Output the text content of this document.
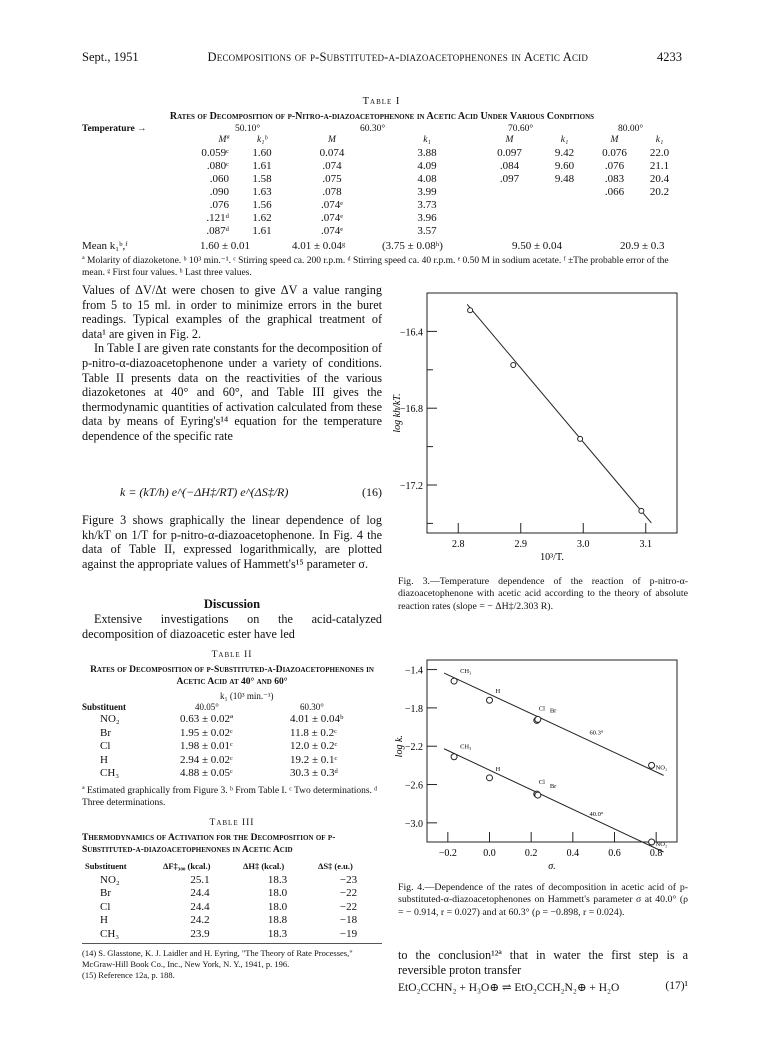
Sept., 1951	Decompositions of p-Substituted-α-diazoacetophenones in Acetic Acid	4233
Table I
Rates of Decomposition of p-Nitro-α-diazoacetophenone in Acetic Acid Under Various Conditions
Temperature →	50.10°	60.30°	70.60°	80.00°
Mª	k₁ᵇ	M	k₁	M	k₁	M	k₁
0.059ᶜ	1.60	0.074	3.88	0.097	9.42	0.076	22.0
.080ᶜ	1.61	.074	4.09	.084	9.60	.076	21.1
.060	1.58	.075	4.08	.097	9.48	.083	20.4
.090	1.63	.078	3.99			.066	20.2
.076	1.56	.074ᵉ	3.73				
.121ᵈ	1.62	.074ᵉ	3.96				
.087ᵈ	1.61	.074ᵉ	3.57				
Mean k₁ᵇ,ᶠ	1.60 ± 0.01	4.01 ± 0.04ᵍ	(3.75 ± 0.08ʰ)	9.50 ± 0.04	20.9 ± 0.3
ª Molarity of diazoketone. ᵇ 10³ min.⁻¹. ᶜ Stirring speed ca. 200 r.p.m. ᵈ Stirring speed ca. 40 r.p.m. ᵉ 0.50 M in sodium acetate. ᶠ ±The probable error of the mean. ᵍ First four values. ʰ Last three values.

Values of ΔV/Δt were chosen to give ΔV a value ranging from 5 to 15 ml. in order to minimize errors in the buret readings. Typical examples of the graphical treatment of data¹ are given in Fig. 2.

In Table I are given rate constants for the decomposition of p-nitro-α-diazoacetophenone under a variety of conditions. Table II presents data on the reactivities of the various diazoketones at 40° and 60°, and Table III gives the thermodynamic quantities of activation calculated from these data by means of Eyring's¹⁴ equation for the temperature dependence of the specific rate

k = (kT/h) e^(−ΔH‡/RT) e^(ΔS‡/R)	(16)

Figure 3 shows graphically the linear dependence of log kh/kT on 1/T for p-nitro-α-diazoacetophenone. In Fig. 4 the data of Table II, expressed logarithmically, are plotted against the appropriate values of Hammett's¹⁵ parameter σ.

Discussion

Extensive investigations on the acid-catalyzed decomposition of diazoacetic ester have led

Table II
Rates of Decomposition of p-Substituted-α-Diazoacetophenones in Acetic Acid at 40° and 60°
k₁ (10³ min.⁻¹)
Substituent	40.05°	60.30°
NO₂	0.63 ± 0.02ª	4.01 ± 0.04ᵇ
Br	1.95 ± 0.02ᶜ	11.8 ± 0.2ᶜ
Cl	1.98 ± 0.01ᶜ	12.0 ± 0.2ᶜ
H	2.94 ± 0.02ᶜ	19.2 ± 0.1ᶜ
CH₃	4.88 ± 0.05ᶜ	30.3 ± 0.3ᵈ
ª Estimated graphically from Figure 3. ᵇ From Table I. ᶜ Two determinations. ᵈ Three determinations.
Table III
Thermodynamics of Activation for the Decomposition of p-Substituted-α-diazoacetophenones in Acetic Acid
Substituent	ΔF‡₃₀₀ (kcal.)	ΔH‡ (kcal.)	ΔS‡ (e.u.)
NO₂	25.1	18.3	−23
Br	24.4	18.0	−22
Cl	24.4	18.0	−22
H	24.2	18.8	−18
CH₃	23.9	18.3	−19
(14) S. Glasstone, K. J. Laidler and H. Eyring, "The Theory of Rate Processes," McGraw-Hill Book Co., Inc., New York, N. Y., 1941, p. 196.
(15) Reference 12a, p. 188.
2.8	2.9	3.0	3.1
−16.4
−16.8
−17.2
10³/T.
log kh/kT.
Fig. 3.—Temperature dependence of the reaction of p-nitro-α-diazoacetophenone with acetic acid according to the theory of absolute reaction rates (slope = − ΔH‡/2.303 R).
−0.2	0.0	0.2	0.4	0.6	0.8
−1.4
−1.8
−2.2
−2.6
−3.0
CH₃
H
Cl Br
NO₂
60.3°
CH₃
H
Cl
Br
NO₂
40.0°
σ.
log k.
Fig. 4.—Dependence of the rates of decomposition in acetic acid of p-substituted-α-diazoacetophenones on Hammett's parameter σ at 40.0° (ρ = − 0.914, r = 0.027) and at 60.3° (ρ = −0.898, r = 0.024).

to the conclusion¹²ª that in water the first step is a reversible proton transfer

EtO₂CCHN₂ + H₃O⊕ ⇌ EtO₂CCH₂N₂⊕ + H₂O	(17)¹
